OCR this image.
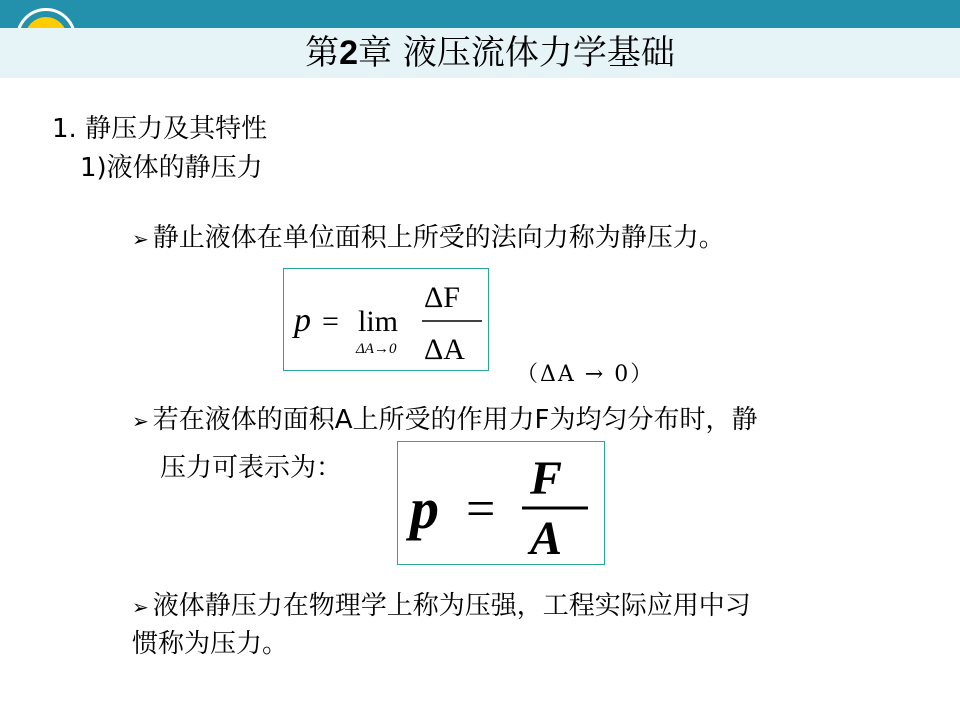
第2章 液压流体力学基础
1. 静压力及其特性
1)液体的静压力
➢ 静止液体在单位面积上所受的法向力称为静压力。
p = lim
ΔA→0
ΔF
ΔA
（ΔA → 0）
➢ 若在液体的面积A上所受的作用力F为均匀分布时，静
压力可表示为：
p =
F
A
➢ 液体静压力在物理学上称为压强，工程实际应用中习
惯称为压力。
